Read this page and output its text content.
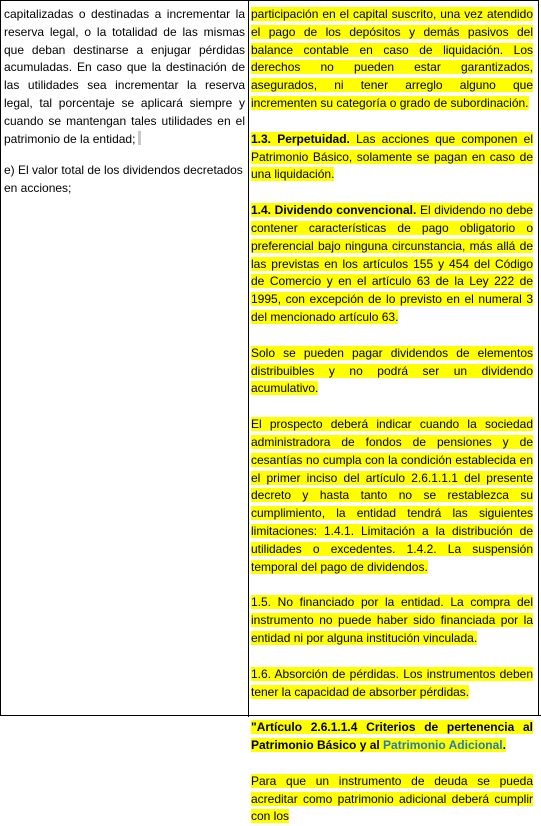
capitalizadas o destinadas a incrementar la reserva legal, o la totalidad de las mismas que deban destinarse a enjugar pérdidas acumuladas. En caso que la destinación de las utilidades sea incrementar la reserva legal, tal porcentaje se aplicará siempre y cuando se mantengan tales utilidades en el patrimonio de la entidad;

e) El valor total de los dividendos decretados en acciones;

participación en el capital suscrito, una vez atendido el pago de los depósitos y demás pasivos del balance contable en caso de liquidación. Los derechos no pueden estar garantizados, asegurados, ni tener arreglo alguno que incrementen su categoría o grado de subordinación.

1.3. Perpetuidad. Las acciones que componen el Patrimonio Básico, solamente se pagan en caso de una liquidación.

1.4. Dividendo convencional. El dividendo no debe contener características de pago obligatorio o preferencial bajo ninguna circunstancia, más allá de las previstas en los artículos 155 y 454 del Código de Comercio y en el artículo 63 de la Ley 222 de 1995, con excepción de lo previsto en el numeral 3 del mencionado artículo 63.

Solo se pueden pagar dividendos de elementos distribuibles y no podrá ser un dividendo acumulativo.

El prospecto deberá indicar cuando la sociedad administradora de fondos de pensiones y de cesantías no cumpla con la condición establecida en el primer inciso del artículo 2.6.1.1.1 del presente decreto y hasta tanto no se restablezca su cumplimiento, la entidad tendrá las siguientes limitaciones: 1.4.1. Limitación a la distribución de utilidades o excedentes. 1.4.2. La suspensión temporal del pago de dividendos.

1.5. No financiado por la entidad. La compra del instrumento no puede haber sido financiada por la entidad ni por alguna institución vinculada.

1.6. Absorción de pérdidas. Los instrumentos deben tener la capacidad de absorber pérdidas.

"Artículo 2.6.1.1.4 Criterios de pertenencia al Patrimonio Básico y al Patrimonio Adicional.

Para que un instrumento de deuda se pueda acreditar como patrimonio adicional deberá cumplir con los
